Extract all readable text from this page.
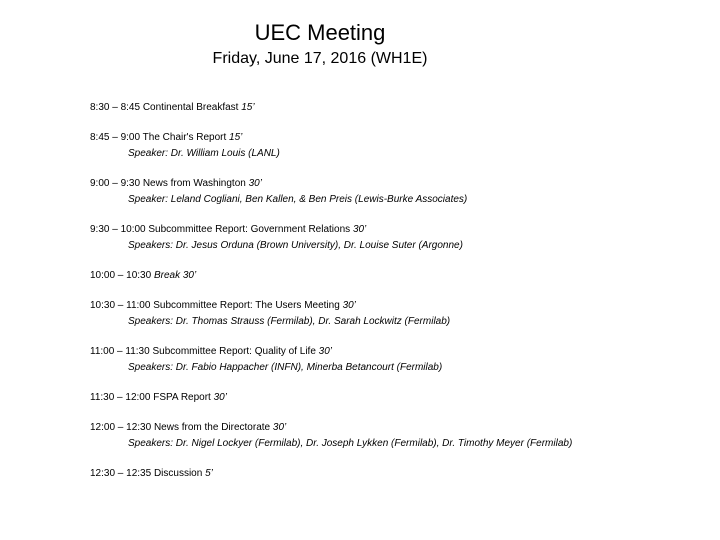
UEC Meeting
Friday, June 17, 2016 (WH1E)
8:30 – 8:45 Continental Breakfast 15’
8:45 – 9:00 The Chair's Report 15’
Speaker: Dr. William Louis (LANL)
9:00 – 9:30 News from Washington 30’
Speaker: Leland Cogliani, Ben Kallen, & Ben Preis (Lewis-Burke Associates)
9:30 – 10:00 Subcommittee Report: Government Relations 30’
Speakers: Dr. Jesus Orduna (Brown University), Dr. Louise Suter (Argonne)
10:00 – 10:30 Break 30’
10:30 – 11:00 Subcommittee Report: The Users Meeting 30’
Speakers: Dr. Thomas Strauss (Fermilab), Dr. Sarah Lockwitz (Fermilab)
11:00 – 11:30 Subcommittee Report: Quality of Life 30’
Speakers: Dr. Fabio Happacher (INFN), Minerba Betancourt (Fermilab)
11:30 – 12:00 FSPA Report 30’
12:00 – 12:30 News from the Directorate 30’
Speakers: Dr. Nigel Lockyer (Fermilab), Dr. Joseph Lykken (Fermilab), Dr. Timothy Meyer (Fermilab)
12:30 – 12:35 Discussion 5’
